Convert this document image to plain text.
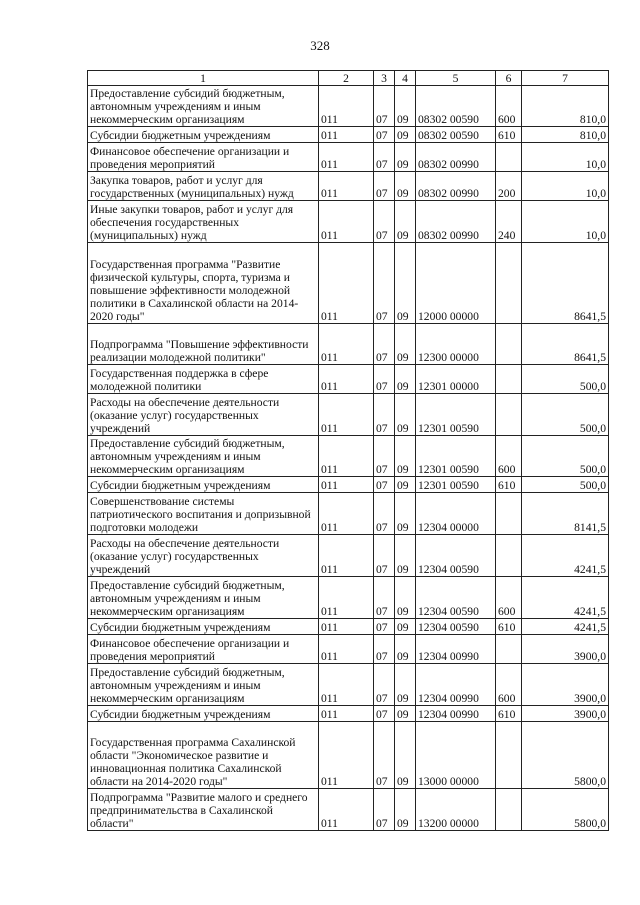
328
1	2	3	4	5	6	7
Предоставление субсидий бюджетным, автономным учреждениям и иным некоммерческим организациям	011	07	09	08302 00590	600	810,0
Субсидии бюджетным учреждениям	011	07	09	08302 00590	610	810,0
Финансовое обеспечение организации и проведения мероприятий	011	07	09	08302 00990		10,0
Закупка товаров, работ и услуг для государственных (муниципальных) нужд	011	07	09	08302 00990	200	10,0
Иные закупки товаров, работ и услуг для обеспечения государственных (муниципальных) нужд	011	07	09	08302 00990	240	10,0
Государственная программа "Развитие физической культуры, спорта, туризма и повышение эффективности молодежной политики в Сахалинской области на 2014-2020 годы"	011	07	09	12000 00000		8641,5
Подпрограмма "Повышение эффективности реализации молодежной политики"	011	07	09	12300 00000		8641,5
Государственная поддержка в сфере молодежной политики	011	07	09	12301 00000		500,0
Расходы на обеспечение деятельности (оказание услуг) государственных учреждений	011	07	09	12301 00590		500,0
Предоставление субсидий бюджетным, автономным учреждениям и иным некоммерческим организациям	011	07	09	12301 00590	600	500,0
Субсидии бюджетным учреждениям	011	07	09	12301 00590	610	500,0
Совершенствование системы патриотического воспитания и допризывной подготовки молодежи	011	07	09	12304 00000		8141,5
Расходы на обеспечение деятельности (оказание услуг) государственных учреждений	011	07	09	12304 00590		4241,5
Предоставление субсидий бюджетным, автономным учреждениям и иным некоммерческим организациям	011	07	09	12304 00590	600	4241,5
Субсидии бюджетным учреждениям	011	07	09	12304 00590	610	4241,5
Финансовое обеспечение организации и проведения мероприятий	011	07	09	12304 00990		3900,0
Предоставление субсидий бюджетным, автономным учреждениям и иным некоммерческим организациям	011	07	09	12304 00990	600	3900,0
Субсидии бюджетным учреждениям	011	07	09	12304 00990	610	3900,0
Государственная программа Сахалинской области "Экономическое развитие и инновационная политика Сахалинской области на 2014-2020 годы"	011	07	09	13000 00000		5800,0
Подпрограмма "Развитие малого и среднего предпринимательства в Сахалинской области"	011	07	09	13200 00000		5800,0
